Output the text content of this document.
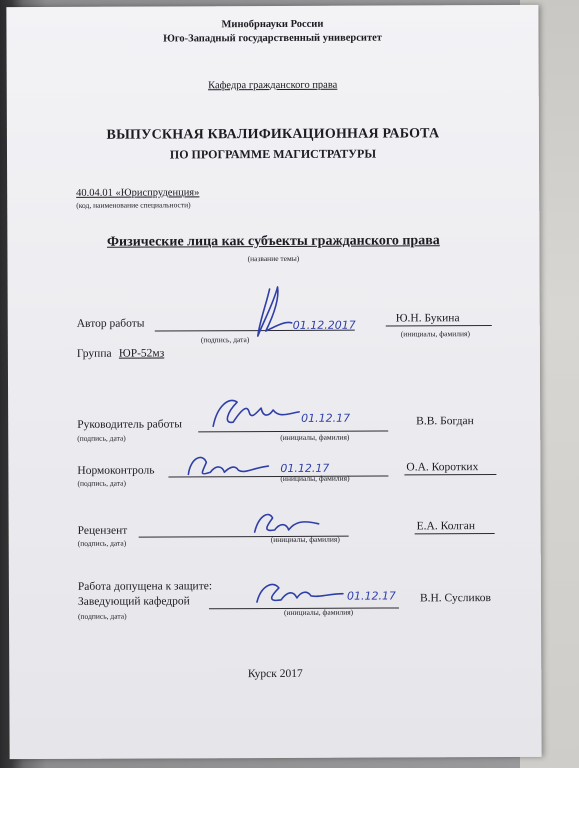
Минобрнауки России
Юго-Западный государственный университет
Кафедра гражданского права
ВЫПУСКНАЯ КВАЛИФИКАЦИОННАЯ РАБОТА
ПО ПРОГРАММЕ МАГИСТРАТУРЫ
40.04.01 «Юриспруденция»
(код, наименование специальности)
Физические лица как субъекты гражданского права
(название темы)
Автор работы	01.12.2017
(подпись, дата)
Ю.Н. Букина
(инициалы, фамилия)
Группа ЮР-52мз
Руководитель работы	01.12.17
(подпись, дата)	(инициалы, фамилия)
В.В. Богдан
Нормоконтроль	01.12.17
(подпись, дата)
(инициалы, фамилия)
О.А. Коротких
Рецензент
(подпись, дата)	(инициалы, фамилия)
Е.А. Колган
Работа допущена к защите:
Заведующий кафедрой	01.12.17
(подпись, дата)	(инициалы, фамилия)
В.Н. Сусликов
Курск 2017
